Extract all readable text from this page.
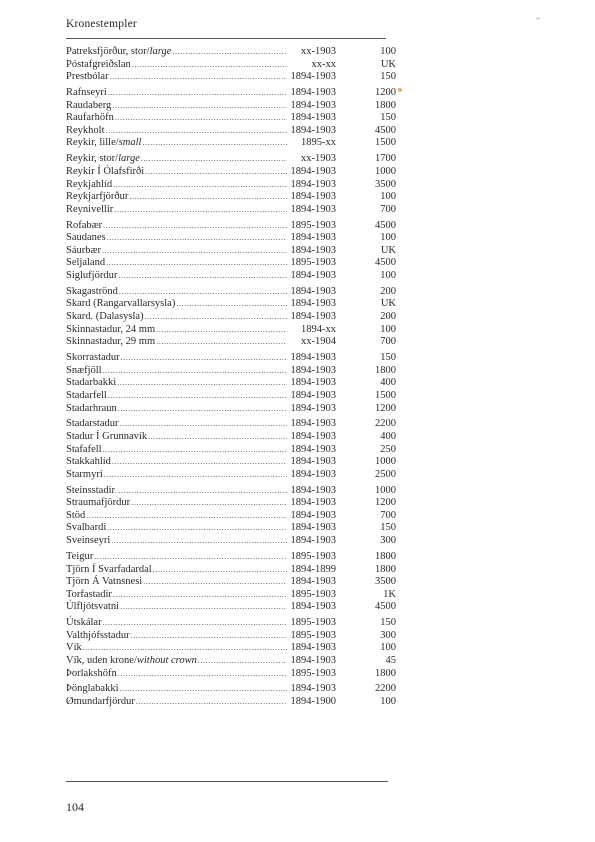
Kronestempler	”
Patreksfjörður, stor/large .....	xx-1903	100
Póstafgreiðslan .....	xx-xx	UK
Prestbólar .....	1894-1903	150
Rafnseyri .....	1894-1903	1200
Raudaberg .....	1894-1903	1800
Raufarhöfn .....	1894-1903	150
Reykholt .....	1894-1903	4500
Reykir, lille/small .....	1895-xx	1500
Reykir, stor/large .....	xx-1903	1700
Reykir Í Ólafsfirði .....	1894-1903	1000
Reykjahlíd .....	1894-1903	3500
Reykjarfjörður .....	1894-1903	100
Reynivellir .....	1894-1903	700
Rofabær .....	1895-1903	4500
Saudanes .....	1894-1903	100
Sáurbær .....	1894-1903	UK
Seljaland .....	1895-1903	4500
Siglufjördur .....	1894-1903	100
Skagaströnd .....	1894-1903	200
Skard (Rangarvallarsysla) .....	1894-1903	UK
Skard. (Dalasysla) .....	1894-1903	200
Skinnastadur, 24 mm .....	1894-xx	100
Skinnastadur, 29 mm .....	xx-1904	700
Skorrastadur .....	1894-1903	150
Snæfjöll .....	1894-1903	1800
Stadarbakki .....	1894-1903	400
Stadarfell .....	1894-1903	1500
Stadarhraun .....	1894-1903	1200
Stadarstadur .....	1894-1903	2200
Stadur Í Grunnavík .....	1894-1903	400
Stafafell .....	1894-1903	250
Stakkahlíd .....	1894-1903	1000
Starmyri .....	1894-1903	2500
Steinsstadir .....	1894-1903	1000
Straumafjördur .....	1894-1903	1200
Stöd .....	1894-1903	700
Svalbardi .....	1894-1903	150
Sveinseyri .....	1894-1903	300
Teigur .....	1895-1903	1800
Tjörn Í Svarfadardal .....	1894-1899	1800
Tjörn Á Vatnsnesi .....	1894-1903	3500
Torfastadir .....	1895-1903	1K
Úlfljótsvatni .....	1894-1903	4500
Útskálar .....	1895-1903	150
Valthjófsstadur .....	1895-1903	300
Vík .....	1894-1903	100
Vík, uden krone/without crown .....	1894-1903	45
Þorlakshöfn .....	1895-1903	1800
Þönglabakki .....	1894-1903	2200
Ømundarfjördur .....	1894-1900	100
104
